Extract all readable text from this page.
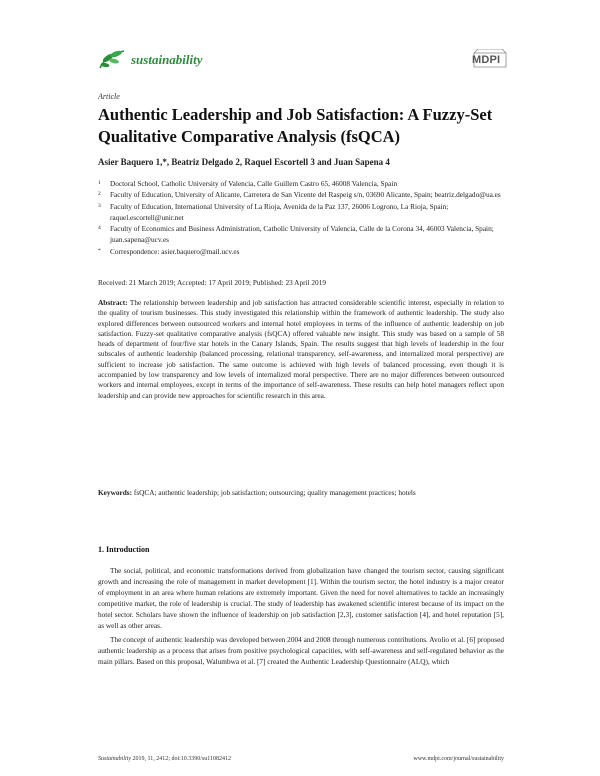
sustainability	MDPI
Article
Authentic Leadership and Job Satisfaction: A Fuzzy-Set Qualitative Comparative Analysis (fsQCA)
Asier Baquero 1,*, Beatriz Delgado 2, Raquel Escortell 3 and Juan Sapena 4
1	Doctoral School, Catholic University of Valencia, Calle Guillem Castro 65, 46008 Valencia, Spain
2	Faculty of Education, University of Alicante, Carretera de San Vicente del Raspeig s/n, 03690 Alicante, Spain; beatriz.delgado@ua.es
3	Faculty of Education, International University of La Rioja, Avenida de la Paz 137, 26006 Logrono, La Rioja, Spain; raquel.escortell@unir.net
4	Faculty of Economics and Business Administration, Catholic University of Valencia, Calle de la Corona 34, 46003 Valencia, Spain; juan.sapena@ucv.es
*	Correspondence: asier.baquero@mail.ucv.es
Received: 21 March 2019; Accepted: 17 April 2019; Published: 23 April 2019
Abstract: The relationship between leadership and job satisfaction has attracted considerable scientific interest, especially in relation to the quality of tourism businesses. This study investigated this relationship within the framework of authentic leadership. The study also explored differences between outsourced workers and internal hotel employees in terms of the influence of authentic leadership on job satisfaction. Fuzzy-set qualitative comparative analysis (fsQCA) offered valuable new insight. This study was based on a sample of 58 heads of department of four/five star hotels in the Canary Islands, Spain. The results suggest that high levels of leadership in the four subscales of authentic leadership (balanced processing, relational transparency, self-awareness, and internalized moral perspective) are sufficient to increase job satisfaction. The same outcome is achieved with high levels of balanced processing, even though it is accompanied by low transparency and low levels of internalized moral perspective. There are no major differences between outsourced workers and internal employees, except in terms of the importance of self-awareness. These results can help hotel managers reflect upon leadership and can provide new approaches for scientific research in this area.
Keywords: fsQCA; authentic leadership; job satisfaction; outsourcing; quality management practices; hotels
1. Introduction

The social, political, and economic transformations derived from globalization have changed the tourism sector, causing significant growth and increasing the role of management in market development [1]. Within the tourism sector, the hotel industry is a major creator of employment in an area where human relations are extremely important. Given the need for novel alternatives to tackle an increasingly competitive market, the role of leadership is crucial. The study of leadership has awakened scientific interest because of its impact on the hotel sector. Scholars have shown the influence of leadership on job satisfaction [2,3], customer satisfaction [4], and hotel reputation [5], as well as other areas.

The concept of authentic leadership was developed between 2004 and 2008 through numerous contributions. Avolio et al. [6] proposed authentic leadership as a process that arises from positive psychological capacities, with self-awareness and self-regulated behavior as the main pillars. Based on this proposal, Walumbwa et al. [7] created the Authentic Leadership Questionnaire (ALQ), which

Sustainability 2019, 11, 2412; doi:10.3390/su11082412	www.mdpi.com/journal/sustainability
